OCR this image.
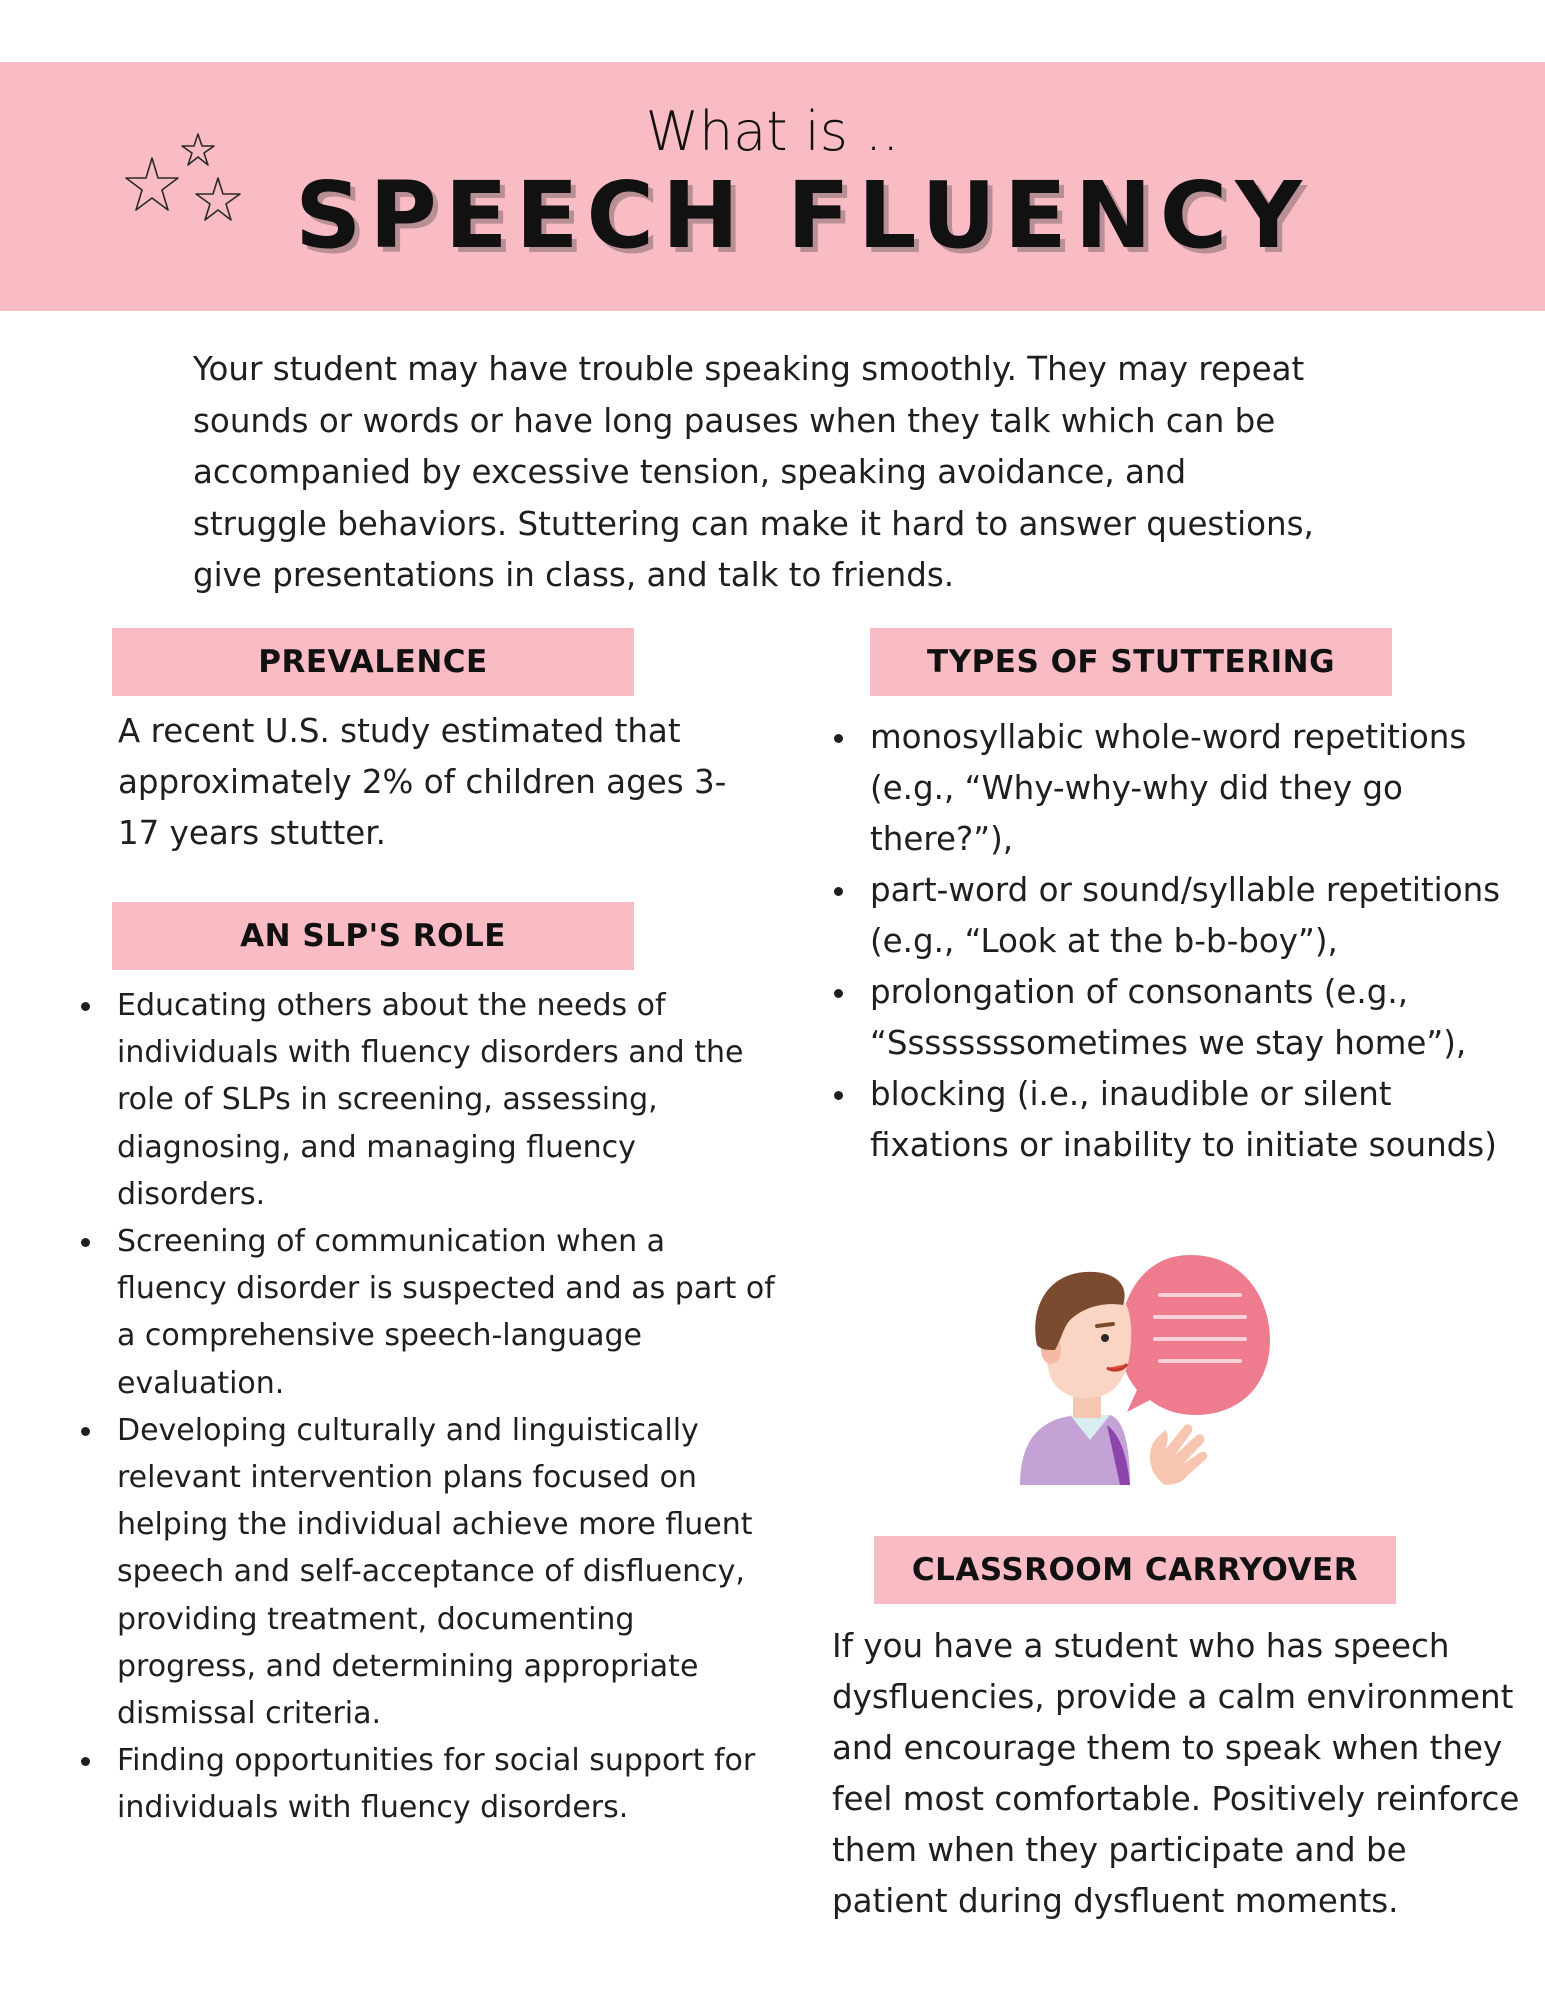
What is ..
SPEECH FLUENCY
Your student may have trouble speaking smoothly. They may repeat sounds or words or have long pauses when they talk which can be accompanied by excessive tension, speaking avoidance, and struggle behaviors. Stuttering can make it hard to answer questions, give presentations in class, and talk to friends.
PREVALENCE
A recent U.S. study estimated that approximately 2% of children ages 3-17 years stutter.
AN SLP'S ROLE
Educating others about the needs of individuals with fluency disorders and the role of SLPs in screening, assessing, diagnosing, and managing fluency disorders.
Screening of communication when a fluency disorder is suspected and as part of a comprehensive speech-language evaluation.
Developing culturally and linguistically relevant intervention plans focused on helping the individual achieve more fluent speech and self-acceptance of disfluency, providing treatment, documenting progress, and determining appropriate dismissal criteria.
Finding opportunities for social support for individuals with fluency disorders.
TYPES OF STUTTERING
monosyllabic whole-word repetitions (e.g., “Why-why-why did they go there?”),
part-word or sound/syllable repetitions (e.g., “Look at the b-b-boy”),
prolongation of consonants (e.g., “Ssssssssometimes we stay home”),
blocking (i.e., inaudible or silent fixations or inability to initiate sounds)
CLASSROOM CARRYOVER
If you have a student who has speech dysfluencies, provide a calm environment and encourage them to speak when they feel most comfortable. Positively reinforce them when they participate and be patient during dysfluent moments.
